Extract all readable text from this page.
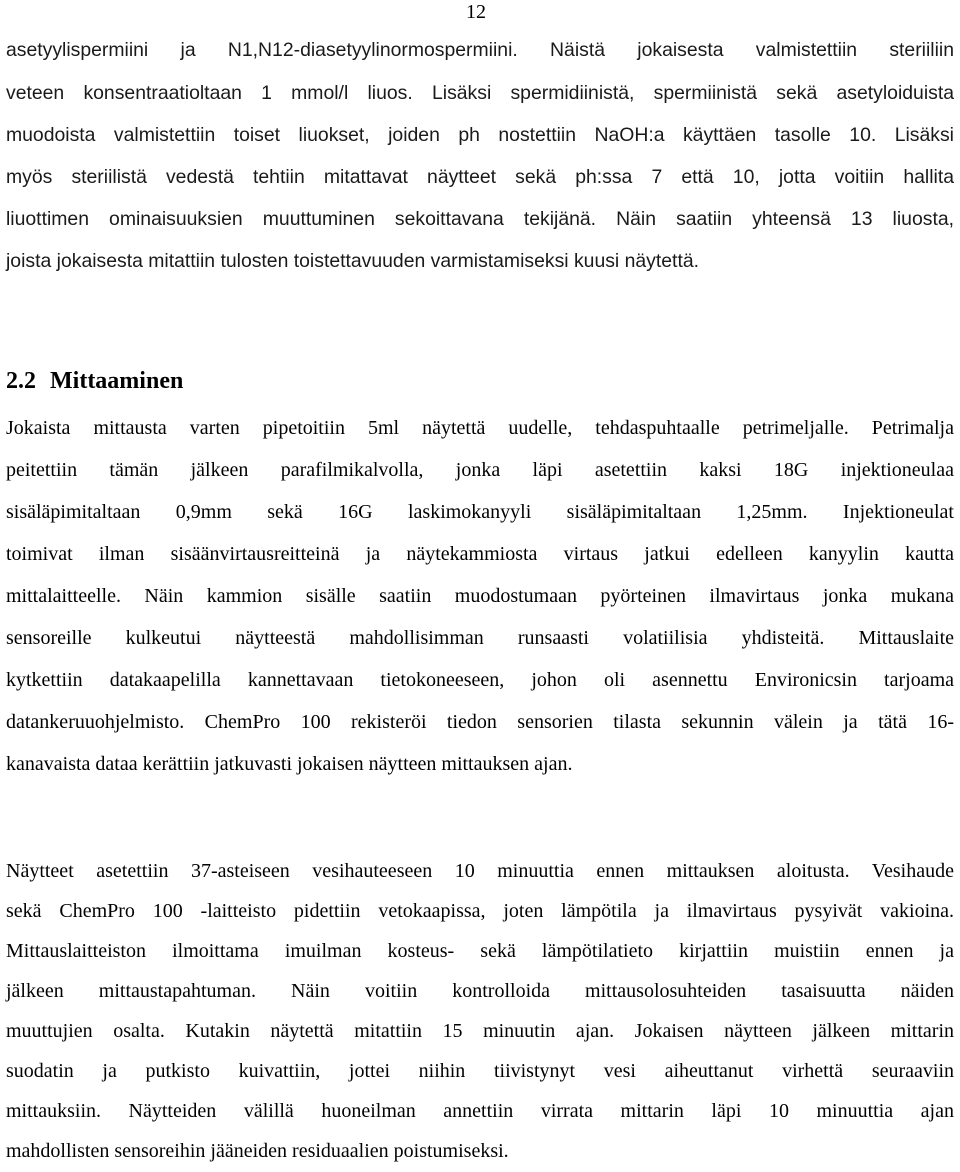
12
asetyylispermiini ja N1,N12-diasetyylinormospermiini. Näistä jokaisesta valmistettiin steriiliin
veteen konsentraatioltaan 1 mmol/l liuos. Lisäksi spermidiinistä, spermiinistä sekä asetyloiduista
muodoista valmistettiin toiset liuokset, joiden ph nostettiin NaOH:a käyttäen tasolle 10. Lisäksi
myös steriilistä vedestä tehtiin mitattavat näytteet sekä ph:ssa 7 että 10, jotta voitiin hallita
liuottimen ominaisuuksien muuttuminen sekoittavana tekijänä. Näin saatiin yhteensä 13 liuosta,
joista jokaisesta mitattiin tulosten toistettavuuden varmistamiseksi kuusi näytettä.
2.2 Mittaaminen
Jokaista mittausta varten pipetoitiin 5ml näytettä uudelle, tehdaspuhtaalle petrimeljalle. Petrimalja
peitettiin tämän jälkeen parafilmikalvolla, jonka läpi asetettiin kaksi 18G injektioneulaa
sisäläpimitaltaan 0,9mm sekä 16G laskimokanyyli sisäläpimitaltaan 1,25mm. Injektioneulat
toimivat ilman sisäänvirtausreitteinä ja näytekammiosta virtaus jatkui edelleen kanyylin kautta
mittalaitteelle. Näin kammion sisälle saatiin muodostumaan pyörteinen ilmavirtaus jonka mukana
sensoreille kulkeutui näytteestä mahdollisimman runsaasti volatiilisia yhdisteitä. Mittauslaite
kytkettiin datakaapelilla kannettavaan tietokoneeseen, johon oli asennettu Environicsin tarjoama
datankeruuohjelmisto. ChemPro 100 rekisteröi tiedon sensorien tilasta sekunnin välein ja tätä 16-
kanavaista dataa kerättiin jatkuvasti jokaisen näytteen mittauksen ajan.
Näytteet asetettiin 37-asteiseen vesihauteeseen 10 minuuttia ennen mittauksen aloitusta. Vesihaude
sekä ChemPro 100 -laitteisto pidettiin vetokaapissa, joten lämpötila ja ilmavirtaus pysyivät vakioina.
Mittauslaitteiston ilmoittama imuilman kosteus- sekä lämpötilatieto kirjattiin muistiin ennen ja
jälkeen mittaustapahtuman. Näin voitiin kontrolloida mittausolosuhteiden tasaisuutta näiden
muuttujien osalta. Kutakin näytettä mitattiin 15 minuutin ajan. Jokaisen näytteen jälkeen mittarin
suodatin ja putkisto kuivattiin, jottei niihin tiivistynyt vesi aiheuttanut virhettä seuraaviin
mittauksiin. Näytteiden välillä huoneilman annettiin virrata mittarin läpi 10 minuuttia ajan
mahdollisten sensoreihin jääneiden residuaalien poistumiseksi.
